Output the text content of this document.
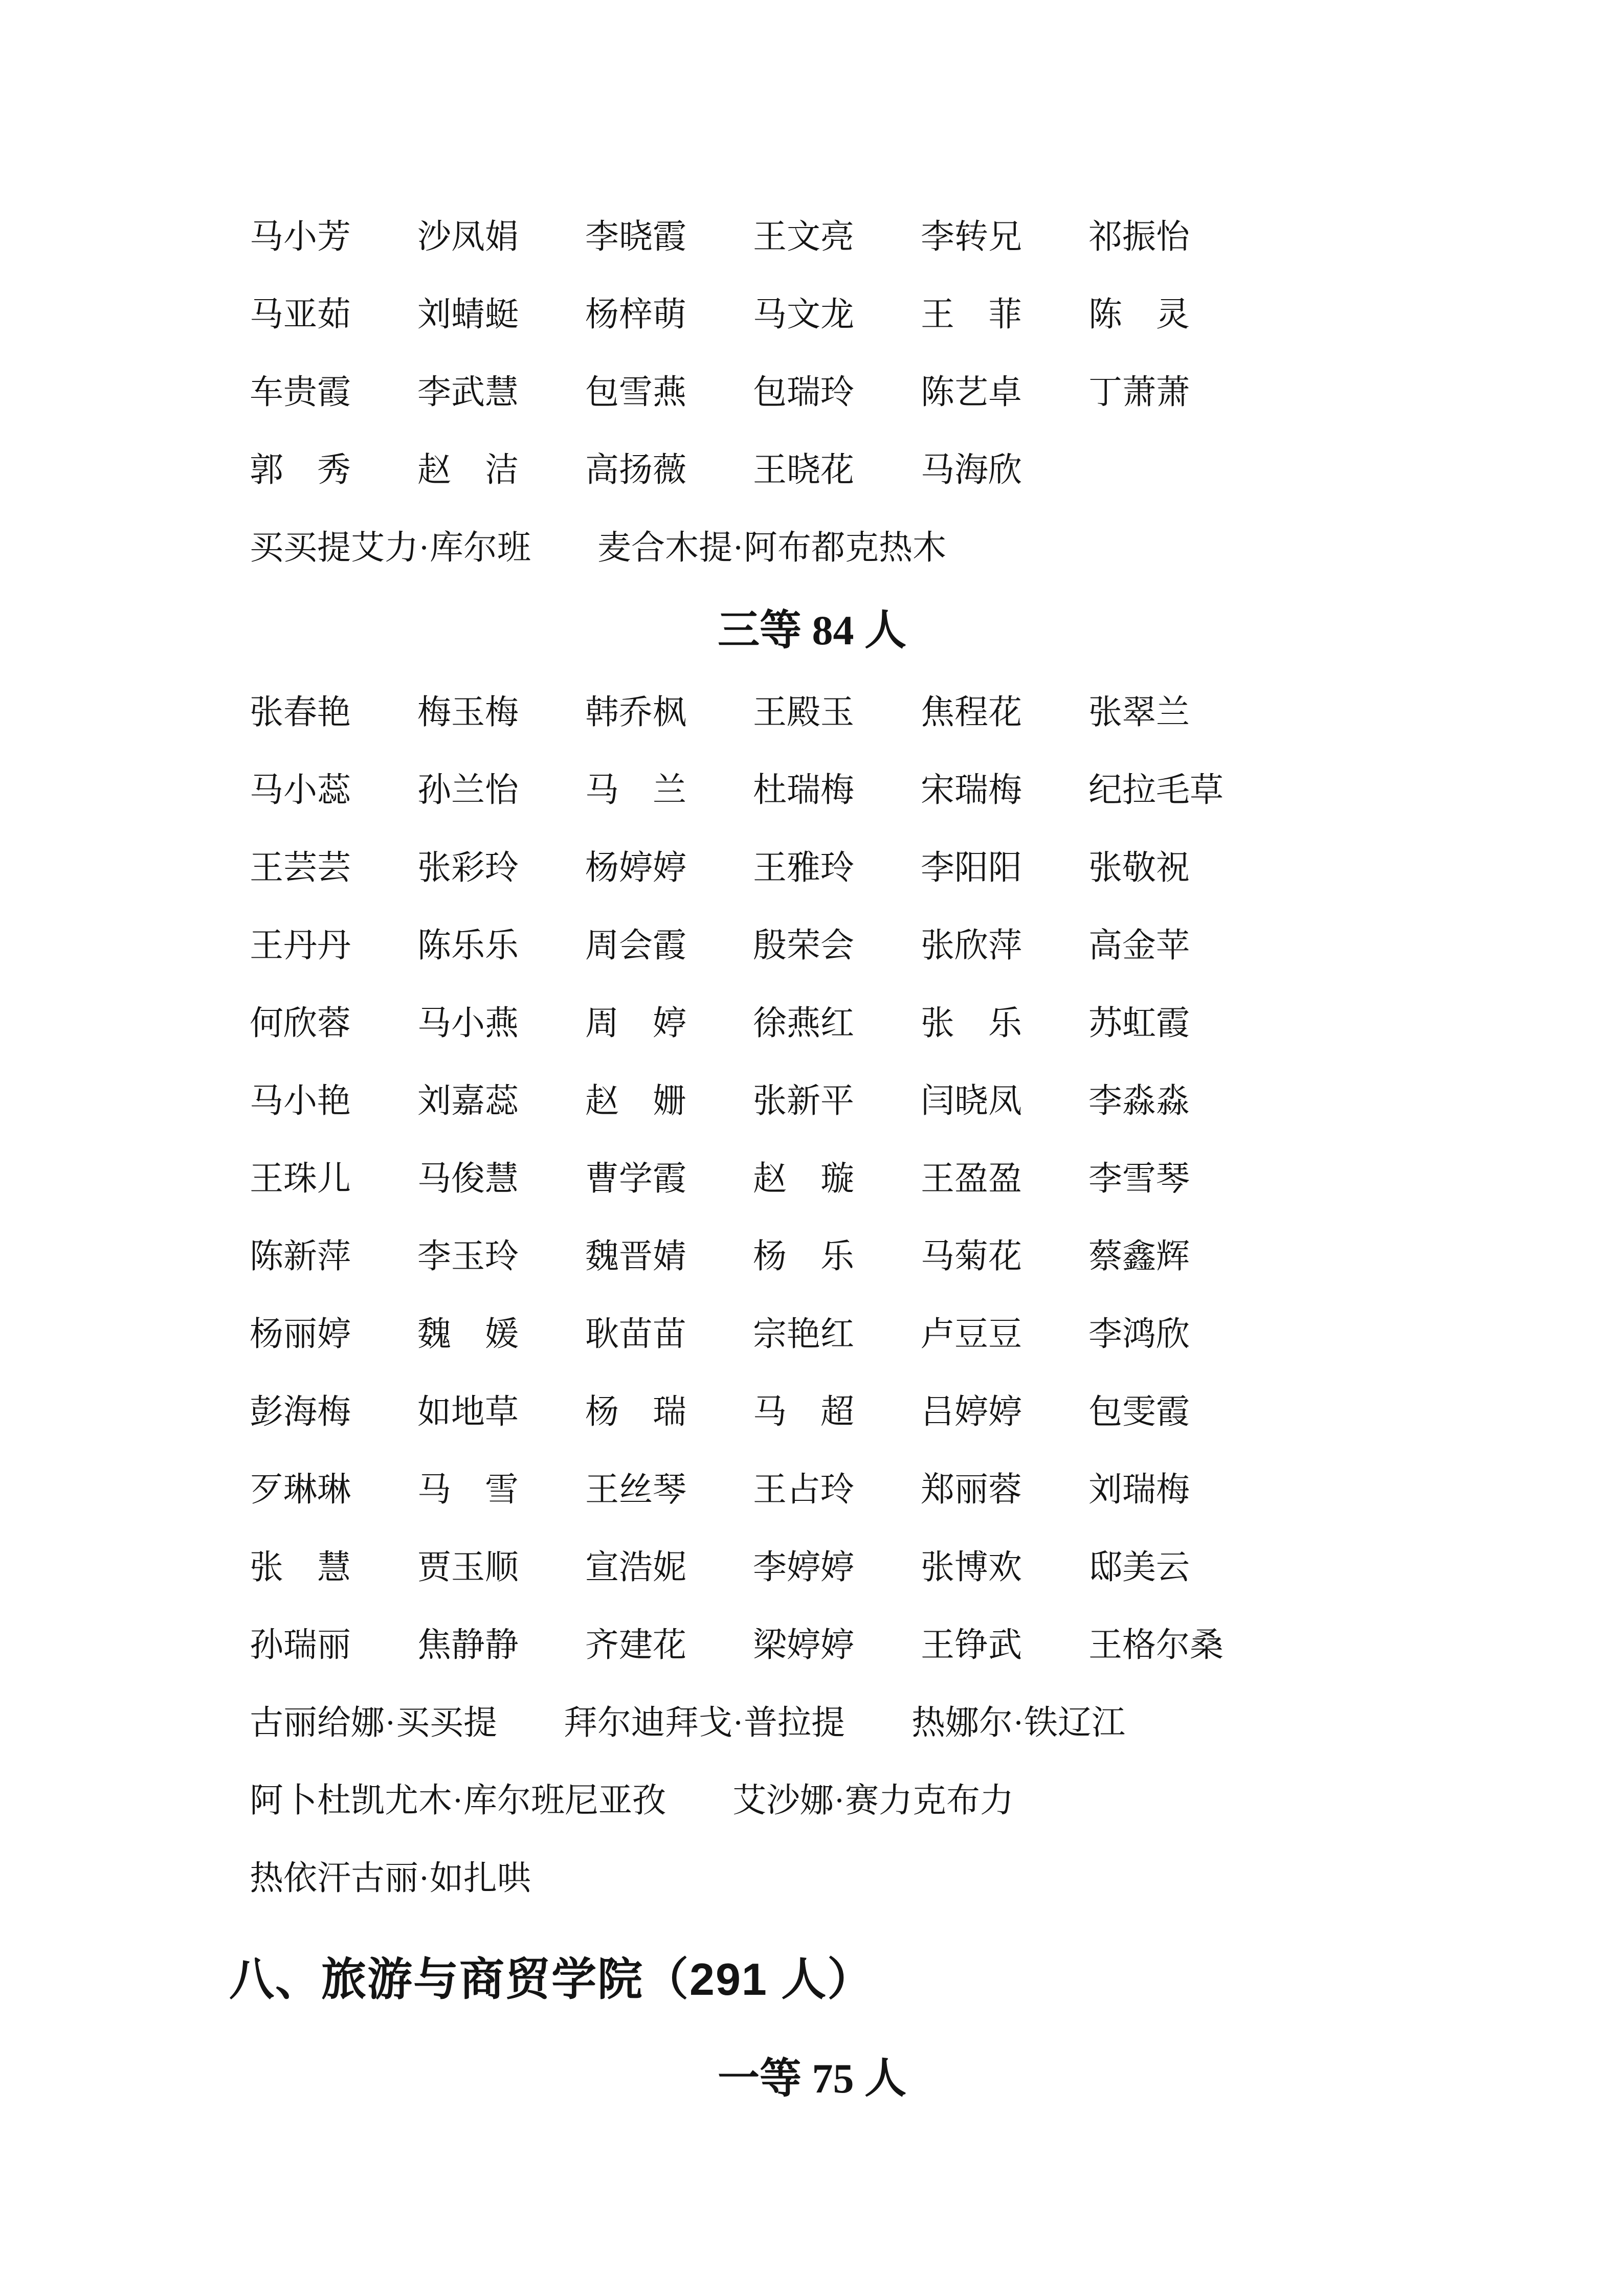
马小芳 沙凤娟 李晓霞 王文亮 李转兄 祁振怡
马亚茹 刘蜻蜓 杨梓萌 马文龙 王　菲 陈　灵
车贵霞 李武慧 包雪燕 包瑞玲 陈艺卓 丁萧萧
郭　秀 赵　洁 高扬薇 王晓花 马海欣
买买提艾力·库尔班 麦合木提·阿布都克热木
三等 84 人
张春艳 梅玉梅 韩乔枫 王殿玉 焦程花 张翠兰
马小蕊 孙兰怡 马　兰 杜瑞梅 宋瑞梅 纪拉毛草
王芸芸 张彩玲 杨婷婷 王雅玲 李阳阳 张敬祝
王丹丹 陈乐乐 周会霞 殷荣会 张欣萍 高金苹
何欣蓉 马小燕 周　婷 徐燕红 张　乐 苏虹霞
马小艳 刘嘉蕊 赵　姗 张新平 闫晓凤 李淼淼
王珠儿 马俊慧 曹学霞 赵　璇 王盈盈 李雪琴
陈新萍 李玉玲 魏晋婧 杨　乐 马菊花 蔡鑫辉
杨丽婷 魏　媛 耿苗苗 宗艳红 卢豆豆 李鸿欣
彭海梅 如地草 杨　瑞 马　超 吕婷婷 包雯霞
歹琳琳 马　雪 王丝琴 王占玲 郑丽蓉 刘瑞梅
张　慧 贾玉顺 宣浩妮 李婷婷 张博欢 邸美云
孙瑞丽 焦静静 齐建花 梁婷婷 王铮武 王格尔桑
古丽给娜·买买提 拜尔迪拜戈·普拉提 热娜尔·铁辽江
阿卜杜凯尤木·库尔班尼亚孜 艾沙娜·赛力克布力
热依汗古丽·如扎哄
八、旅游与商贸学院（291 人）
一等 75 人
